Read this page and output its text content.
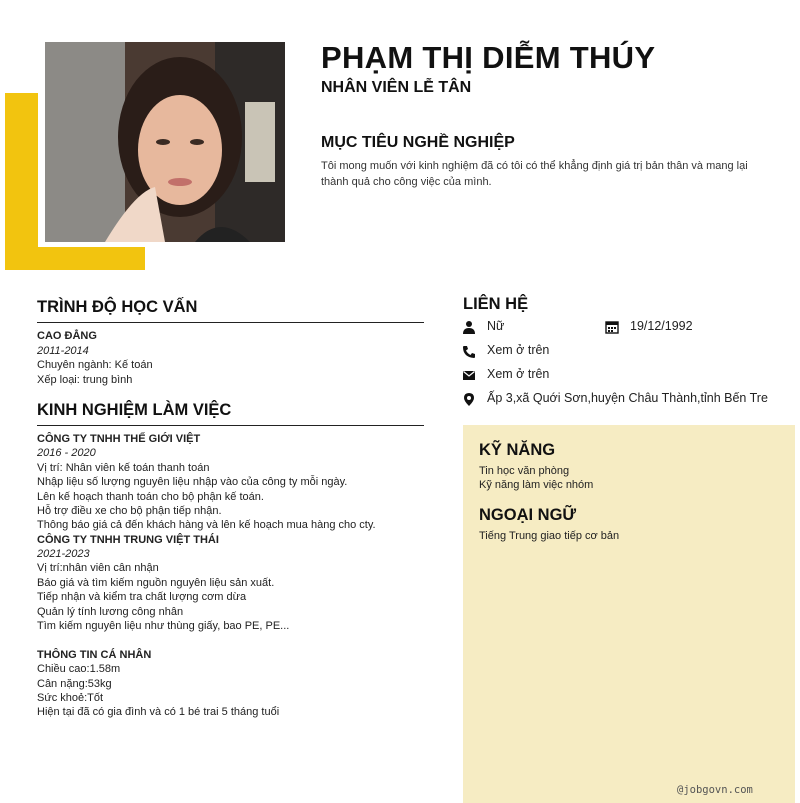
PHẠM THỊ DIỄM THÚY
NHÂN VIÊN LỄ TÂN
MỤC TIÊU NGHỀ NGHIỆP
Tôi mong muốn với kinh nghiệm đã có tôi có thể khẳng định giá trị bản thân và mang lại thành quả cho công việc của mình.
TRÌNH ĐỘ HỌC VẤN
CAO ĐẲNG
2011-2014
Chuyên ngành: Kế toán
Xếp loại: trung bình
KINH NGHIỆM LÀM VIỆC
CÔNG TY TNHH THẾ GIỚI VIỆT
2016 - 2020
Vị trí: Nhân viên kế toán thanh toán
Nhập liệu số lượng nguyên liệu nhập vào của công ty mỗi ngày.
Lên kế hoạch thanh toán cho bộ phận kế toán.
Hỗ trợ điều xe cho bộ phận tiếp nhận.
Thông báo giá cả đến khách hàng và lên kế hoạch mua hàng cho cty.
CÔNG TY TNHH TRUNG VIỆT THÁI
2021-2023
Vị trí:nhân viên cân nhận
Báo giá và tìm kiếm nguồn nguyên liệu sản xuất.
Tiếp nhận và kiểm tra chất lượng cơm dừa
Quản lý tính lương công nhân
Tìm kiếm nguyên liệu như thùng giấy, bao PE, PE...
THÔNG TIN CÁ NHÂN
Chiều cao:1.58m
Cân nặng:53kg
Sức khoẻ:Tốt
Hiện tại đã có gia đình và có 1 bé trai 5 tháng tuổi
LIÊN HỆ
Nữ	19/12/1992
Xem ở trên
Xem ở trên
Ấp 3,xã Quới Sơn,huyện Châu Thành,tỉnh Bến Tre
KỸ NĂNG
Tin học văn phòng
Kỹ năng làm việc nhóm
NGOẠI NGỮ
Tiếng Trung giao tiếp cơ bản
@jobgovn.com
